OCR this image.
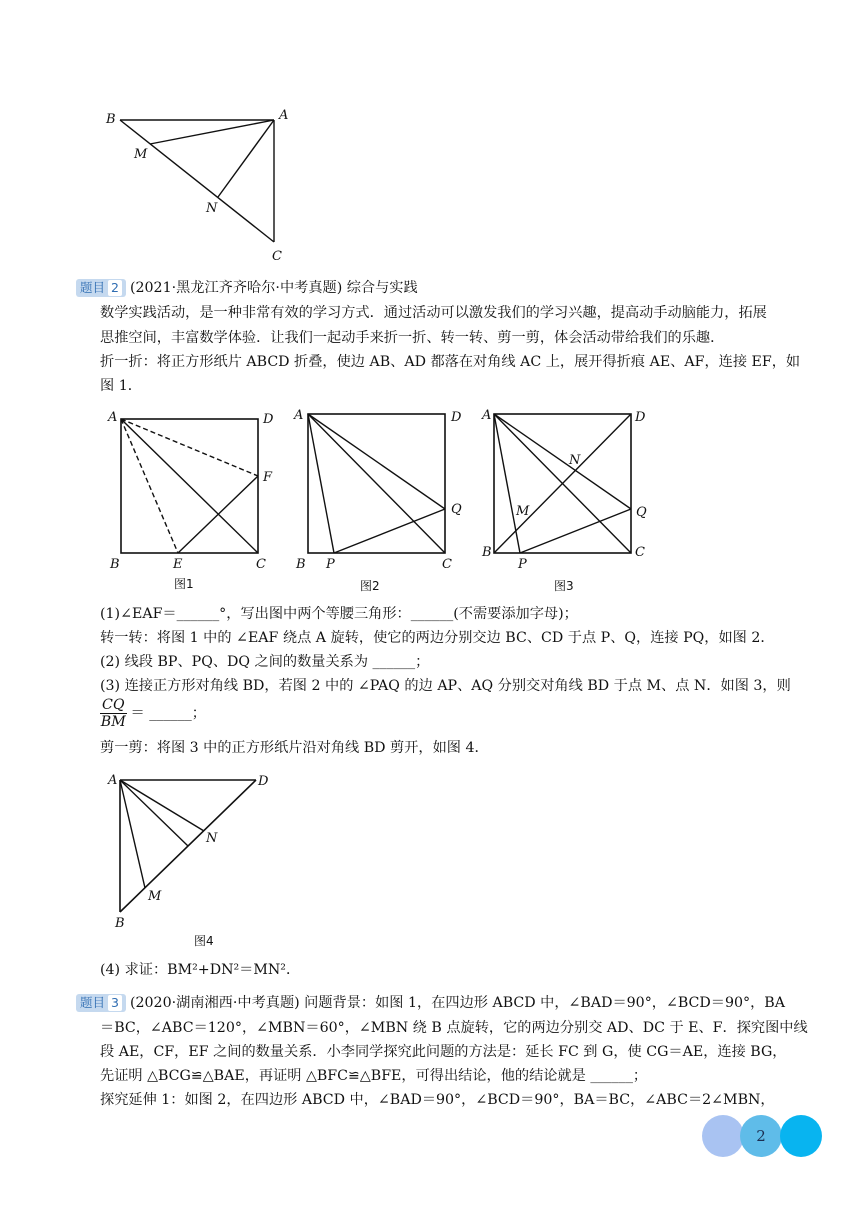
B	A
M
N
C
题目 2 (2021·黑龙江齐齐哈尔·中考真题) 综合与实践
数学实践活动，是一种非常有效的学习方式．通过活动可以激发我们的学习兴趣，提高动手动脑能力，拓展
思推空间，丰富数学体验．让我们一起动手来折一折、转一转、剪一剪，体会活动带给我们的乐趣．
折一折：将正方形纸片 ABCD 折叠，使边 AB、AD 都落在对角线 AC 上，展开得折痕 AE、AF，连接 EF，如
图 1．
A	D
F
B	E	C
图1
A	D
Q
B P	C
图2
A	D
N
M	Q
B
P
C
图3
(1)∠EAF＝______°，写出图中两个等腰三角形：______(不需要添加字母)；
转一转：将图 1 中的 ∠EAF 绕点 A 旋转，使它的两边分别交边 BC、CD 于点 P、Q，连接 PQ，如图 2．
(2) 线段 BP、PQ、DQ 之间的数量关系为 ______；
(3) 连接正方形对角线 BD，若图 2 中的 ∠PAQ 的边 AP、AQ 分别交对角线 BD 于点 M、点 N．如图 3，则
$\frac{CQ}{BM}$ ＝ ______；
剪一剪：将图 3 中的正方形纸片沿对角线 BD 剪开，如图 4．
A	D
N
M
B
图4
(4) 求证：BM²+DN²＝MN²．
题目 3 (2020·湖南湘西·中考真题) 问题背景：如图 1，在四边形 ABCD 中，∠BAD＝90°，∠BCD＝90°，BA
＝BC，∠ABC＝120°，∠MBN＝60°，∠MBN 绕 B 点旋转，它的两边分别交 AD、DC 于 E、F．探究图中线
段 AE，CF，EF 之间的数量关系．小李同学探究此问题的方法是：延长 FC 到 G，使 CG＝AE，连接 BG，
先证明 △BCG≌△BAE，再证明 △BFC≌△BFE，可得出结论，他的结论就是 ______；
探究延伸 1：如图 2，在四边形 ABCD 中，∠BAD＝90°，∠BCD＝90°，BA＝BC，∠ABC＝2∠MBN，
2
